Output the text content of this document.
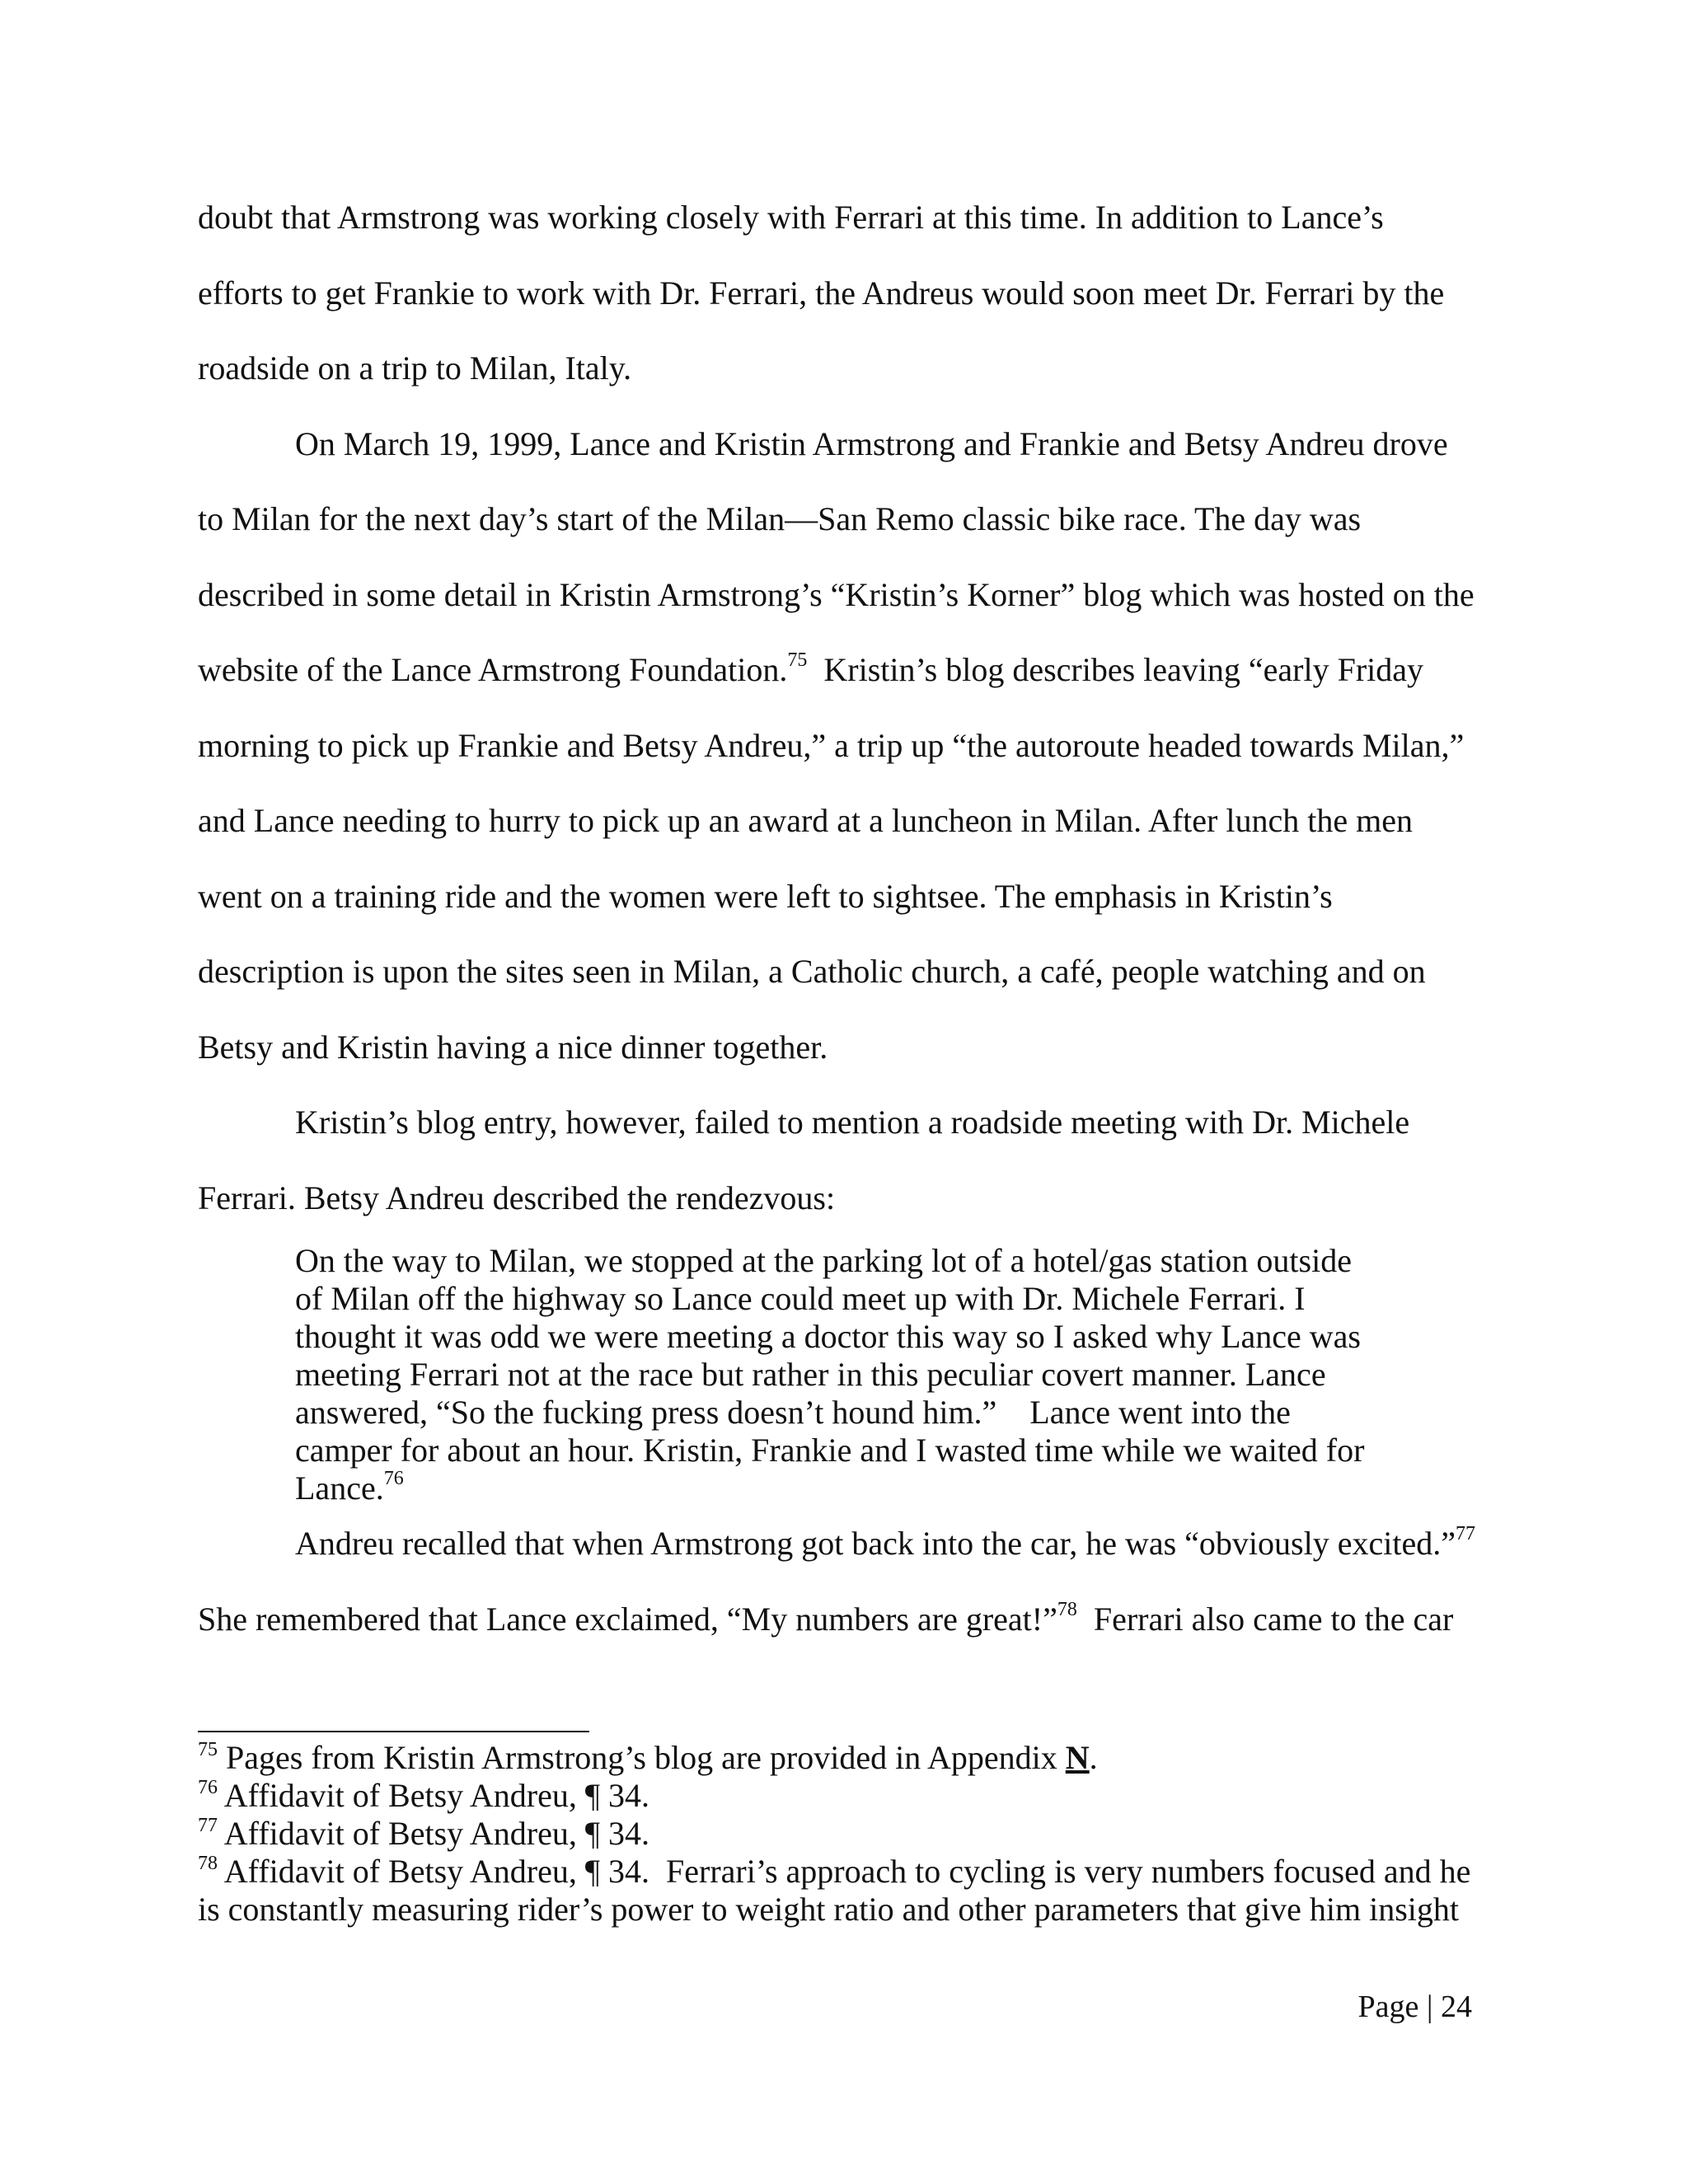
doubt that Armstrong was working closely with Ferrari at this time. In addition to Lance’s
efforts to get Frankie to work with Dr. Ferrari, the Andreus would soon meet Dr. Ferrari by the
roadside on a trip to Milan, Italy.
On March 19, 1999, Lance and Kristin Armstrong and Frankie and Betsy Andreu drove
to Milan for the next day’s start of the Milan—San Remo classic bike race. The day was
described in some detail in Kristin Armstrong’s “Kristin’s Korner” blog which was hosted on the
website of the Lance Armstrong Foundation.$^{75}$  Kristin’s blog describes leaving “early Friday
morning to pick up Frankie and Betsy Andreu,” a trip up “the autoroute headed towards Milan,”
and Lance needing to hurry to pick up an award at a luncheon in Milan. After lunch the men
went on a training ride and the women were left to sightsee. The emphasis in Kristin’s
description is upon the sites seen in Milan, a Catholic church, a café, people watching and on
Betsy and Kristin having a nice dinner together.
Kristin’s blog entry, however, failed to mention a roadside meeting with Dr. Michele
Ferrari. Betsy Andreu described the rendezvous:
On the way to Milan, we stopped at the parking lot of a hotel/gas station outside
of Milan off the highway so Lance could meet up with Dr. Michele Ferrari. I
thought it was odd we were meeting a doctor this way so I asked why Lance was
meeting Ferrari not at the race but rather in this peculiar covert manner. Lance
answered, “So the fucking press doesn’t hound him.”    Lance went into the
camper for about an hour. Kristin, Frankie and I wasted time while we waited for
Lance.$^{76}$
Andreu recalled that when Armstrong got back into the car, he was “obviously excited.”$^{77}$
She remembered that Lance exclaimed, “My numbers are great!”$^{78}$  Ferrari also came to the car
$^{75}$ Pages from Kristin Armstrong’s blog are provided in Appendix N.
$^{76}$ Affidavit of Betsy Andreu, ¶ 34.
$^{77}$ Affidavit of Betsy Andreu, ¶ 34.
$^{78}$ Affidavit of Betsy Andreu, ¶ 34.  Ferrari’s approach to cycling is very numbers focused and he
is constantly measuring rider’s power to weight ratio and other parameters that give him insight
Page | 24
